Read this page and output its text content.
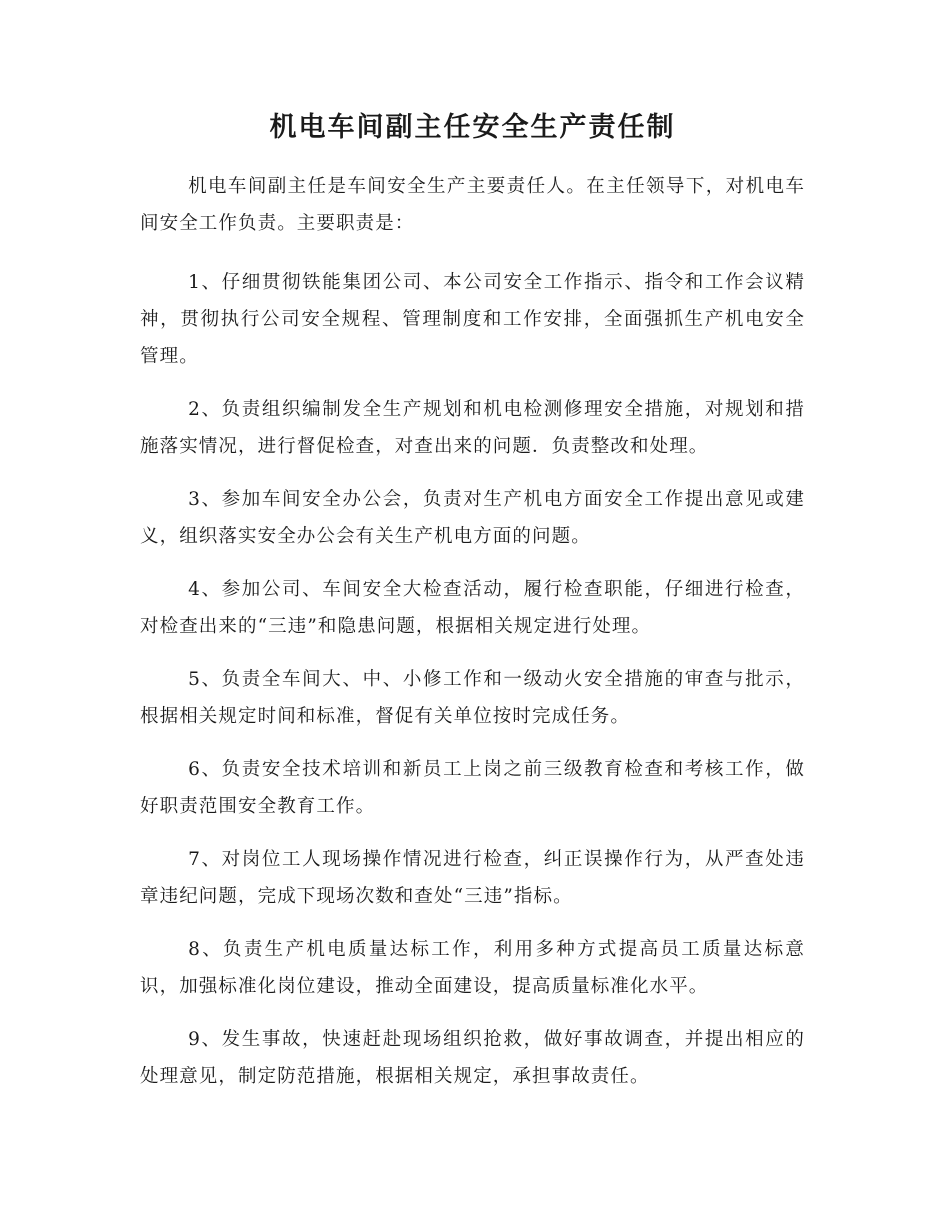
机电车间副主任安全生产责任制

机电车间副主任是车间安全生产主要责任人。在主任领导下，对机电车间安全工作负责。主要职责是：

1、仔细贯彻铁能集团公司、本公司安全工作指示、指令和工作会议精神，贯彻执行公司安全规程、管理制度和工作安排，全面强抓生产机电安全管理。

2、负责组织编制发全生产规划和机电检测修理安全措施，对规划和措施落实情况，进行督促检查，对查出来的问题．负责整改和处理。

3、参加车间安全办公会，负责对生产机电方面安全工作提出意见或建义，组织落实安全办公会有关生产机电方面的问题。

4、参加公司、车间安全大检查活动，履行检查职能，仔细进行检查，对检查出来的“三违”和隐患问题，根据相关规定进行处理。

5、负责全车间大、中、小修工作和一级动火安全措施的审查与批示，根据相关规定时间和标准，督促有关单位按时完成任务。

6、负责安全技术培训和新员工上岗之前三级教育检查和考核工作，做好职责范围安全教育工作。

7、对岗位工人现场操作情况进行检查，纠正误操作行为，从严查处违章违纪问题，完成下现场次数和查处“三违”指标。

8、负责生产机电质量达标工作，利用多种方式提高员工质量达标意识，加强标准化岗位建设，推动全面建设，提高质量标准化水平。

9、发生事故，快速赶赴现场组织抢救，做好事故调查，并提出相应的处理意见，制定防范措施，根据相关规定，承担事故责任。
